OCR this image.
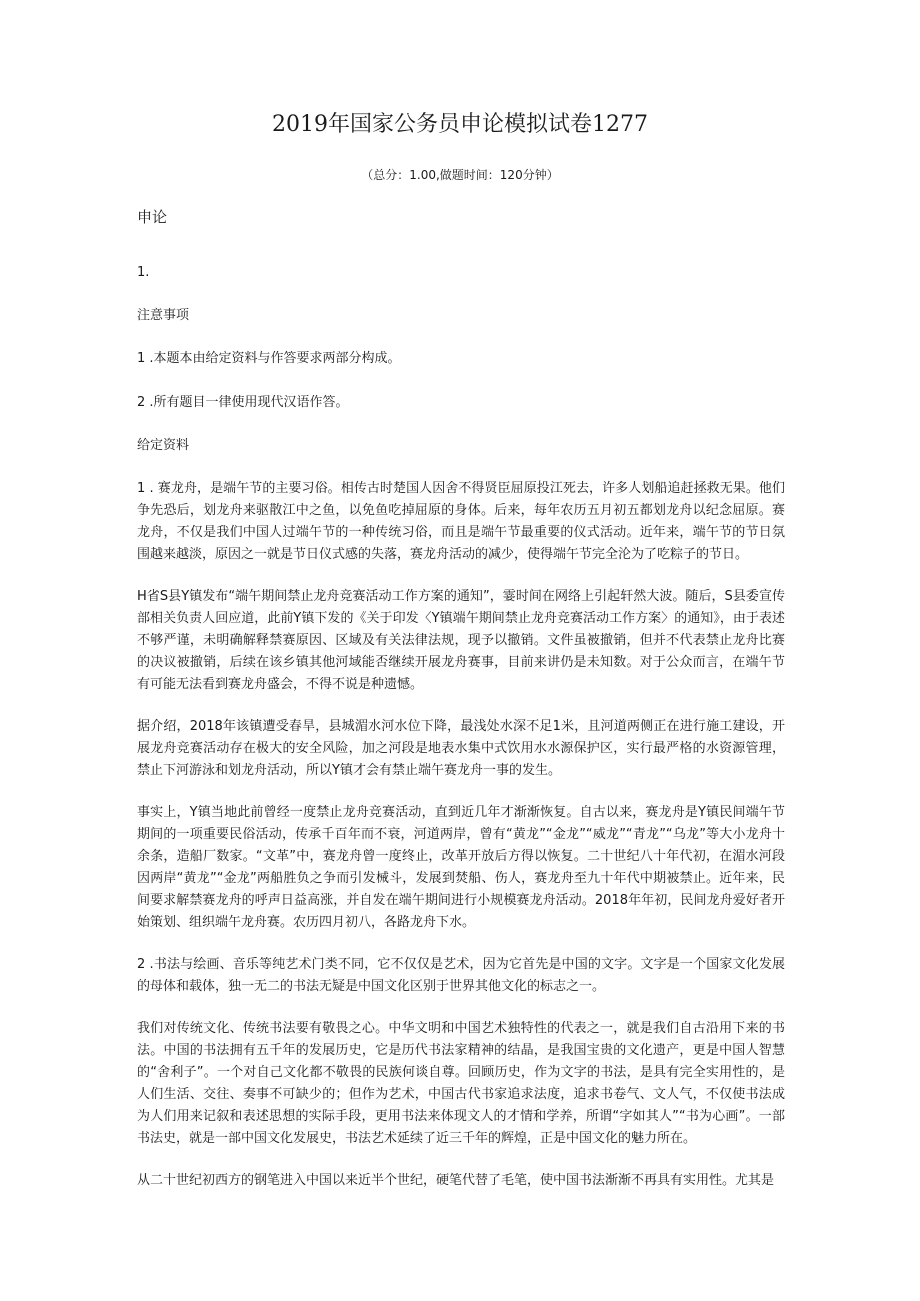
2019年国家公务员申论模拟试卷1277
（总分：1.00,做题时间：120分钟）
申论
1.
注意事项
1 .本题本由给定资料与作答要求两部分构成。
2 .所有题目一律使用现代汉语作答。
给定资料
1 . 赛龙舟，是端午节的主要习俗。相传古时楚国人因舍不得贤臣屈原投江死去，许多人划船追赶拯救无果。他们争先恐后，划龙舟来驱散江中之鱼，以免鱼吃掉屈原的身体。后来，每年农历五月初五都划龙舟以纪念屈原。赛龙舟，不仅是我们中国人过端午节的一种传统习俗，而且是端午节最重要的仪式活动。近年来，端午节的节日氛围越来越淡，原因之一就是节日仪式感的失落，赛龙舟活动的减少，使得端午节完全沦为了吃粽子的节日。
H省S县Y镇发布“端午期间禁止龙舟竞赛活动工作方案的通知”，霎时间在网络上引起轩然大波。随后，S县委宣传部相关负责人回应道，此前Y镇下发的《关于印发〈Y镇端午期间禁止龙舟竞赛活动工作方案〉的通知》，由于表述不够严谨，未明确解释禁赛原因、区域及有关法律法规，现予以撤销。文件虽被撤销，但并不代表禁止龙舟比赛的决议被撤销，后续在该乡镇其他河域能否继续开展龙舟赛事，目前来讲仍是未知数。对于公众而言，在端午节有可能无法看到赛龙舟盛会，不得不说是种遗憾。
据介绍，2018年该镇遭受春旱，县城湄水河水位下降，最浅处水深不足1米，且河道两侧正在进行施工建设，开展龙舟竞赛活动存在极大的安全风险，加之河段是地表水集中式饮用水水源保护区，实行最严格的水资源管理，禁止下河游泳和划龙舟活动，所以Y镇才会有禁止端午赛龙舟一事的发生。
事实上，Y镇当地此前曾经一度禁止龙舟竞赛活动，直到近几年才渐渐恢复。自古以来，赛龙舟是Y镇民间端午节期间的一项重要民俗活动，传承千百年而不衰，河道两岸，曾有“黄龙”“金龙”“威龙”“青龙”“乌龙”等大小龙舟十余条，造船厂数家。“文革”中，赛龙舟曾一度终止，改革开放后方得以恢复。二十世纪八十年代初，在湄水河段因两岸“黄龙”“金龙”两船胜负之争而引发械斗，发展到焚船、伤人，赛龙舟至九十年代中期被禁止。近年来，民间要求解禁赛龙舟的呼声日益高涨，并自发在端午期间进行小规模赛龙舟活动。2018年年初，民间龙舟爱好者开始策划、组织端午龙舟赛。农历四月初八，各路龙舟下水。
2 .书法与绘画、音乐等纯艺术门类不同，它不仅仅是艺术，因为它首先是中国的文字。文字是一个国家文化发展的母体和载体，独一无二的书法无疑是中国文化区别于世界其他文化的标志之一。
我们对传统文化、传统书法要有敬畏之心。中华文明和中国艺术独特性的代表之一，就是我们自古沿用下来的书法。中国的书法拥有五千年的发展历史，它是历代书法家精神的结晶，是我国宝贵的文化遗产，更是中国人智慧的“舍利子”。一个对自己文化都不敬畏的民族何谈自尊。回顾历史，作为文字的书法，是具有完全实用性的，是人们生活、交往、奏事不可缺少的；但作为艺术，中国古代书家追求法度，追求书卷气、文人气，不仅使书法成为人们用来记叙和表述思想的实际手段，更用书法来体现文人的才情和学养，所谓“字如其人”“书为心画”。一部书法史，就是一部中国文化发展史，书法艺术延续了近三千年的辉煌，正是中国文化的魅力所在。
从二十世纪初西方的钢笔进入中国以来近半个世纪，硬笔代替了毛笔，使中国书法渐渐不再具有实用性。尤其是
